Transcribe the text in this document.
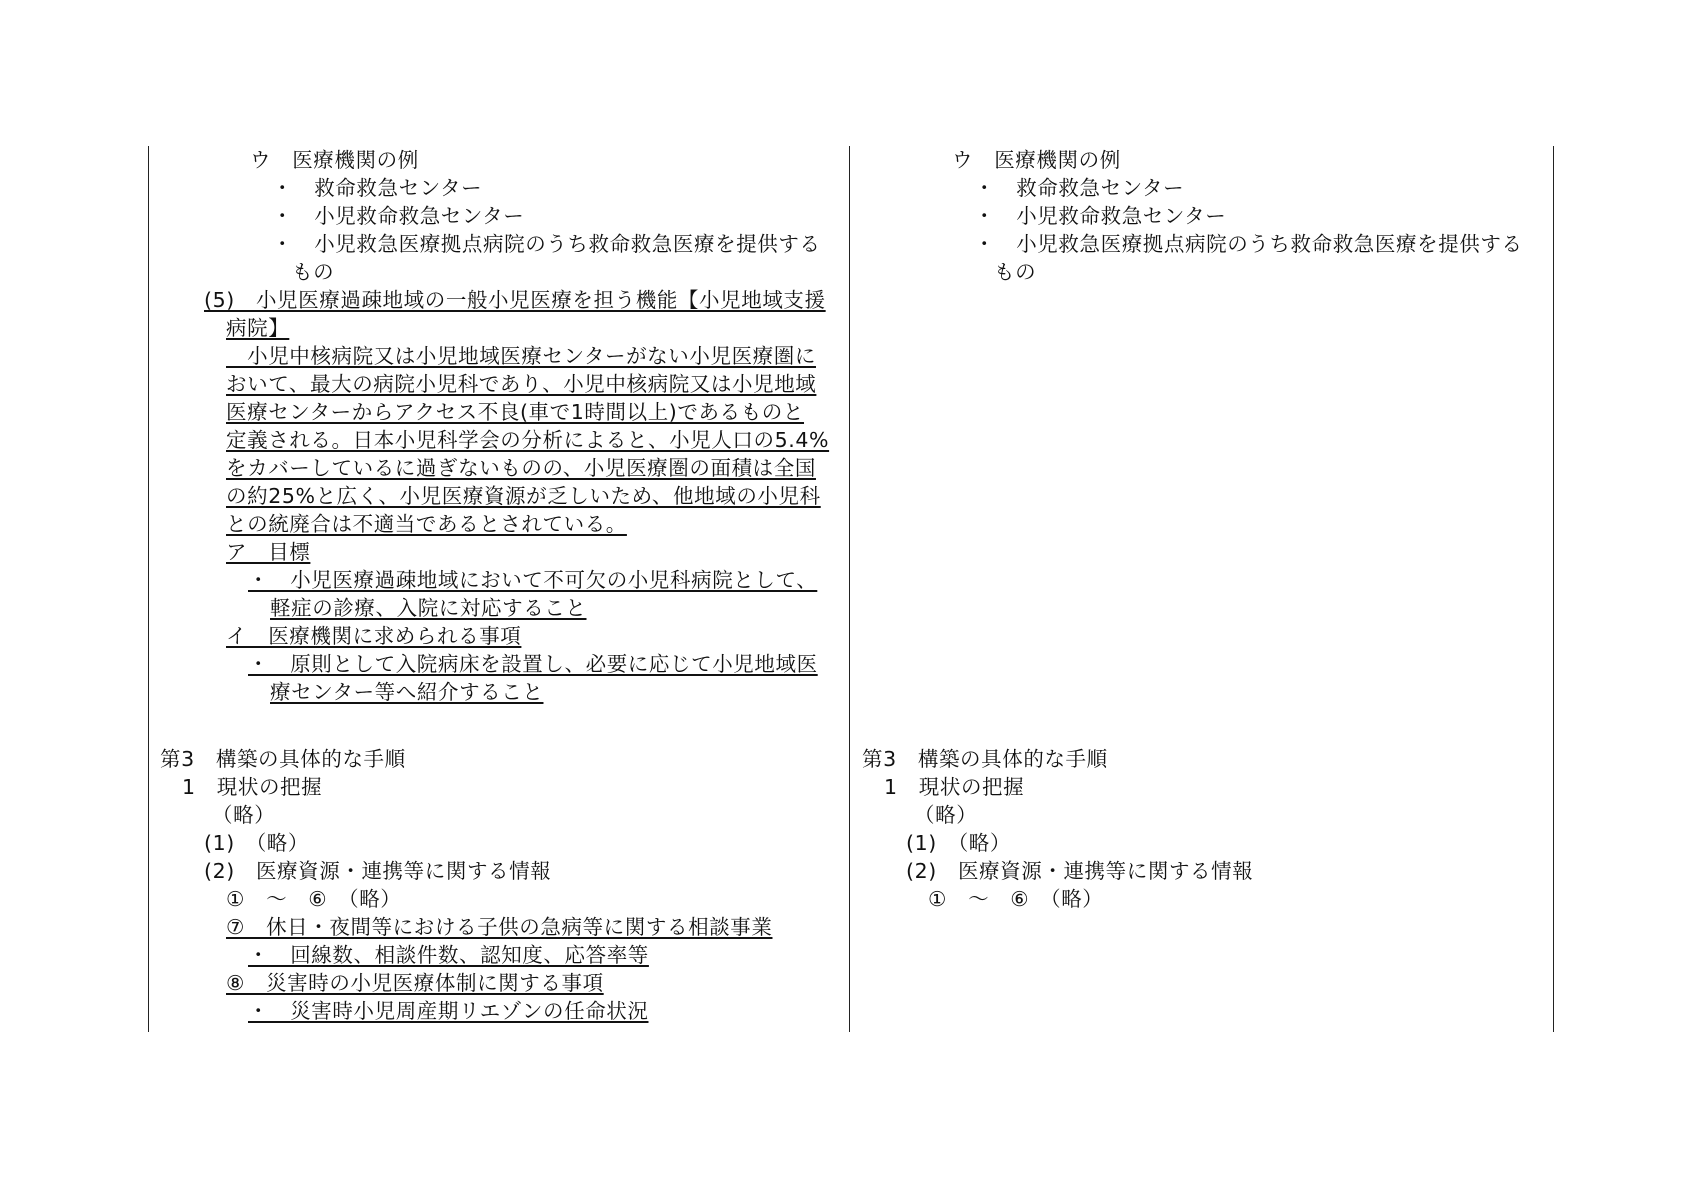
ウ　医療機関の例
・　救命救急センター
・　小児救命救急センター
・　小児救急医療拠点病院のうち救命救急医療を提供する
もの
(5)　小児医療過疎地域の一般小児医療を担う機能【小児地域支援
病院】
　小児中核病院又は小児地域医療センターがない小児医療圏に
おいて、最大の病院小児科であり、小児中核病院又は小児地域
医療センターからアクセス不良(車で1時間以上)であるものと
定義される。日本小児科学会の分析によると、小児人口の5.4%
をカバーしているに過ぎないものの、小児医療圏の面積は全国
の約25%と広く、小児医療資源が乏しいため、他地域の小児科
との統廃合は不適当であるとされている。
ア　目標
・　小児医療過疎地域において不可欠の小児科病院として、
軽症の診療、入院に対応すること
イ　医療機関に求められる事項
・　原則として入院病床を設置し、必要に応じて小児地域医
療センター等へ紹介すること
第3　構築の具体的な手順
1　現状の把握
（略）
(1)　（略）
(2)　医療資源・連携等に関する情報
①　～　⑥　（略）
⑦　休日・夜間等における子供の急病等に関する相談事業
・　回線数、相談件数、認知度、応答率等
⑧　災害時の小児医療体制に関する事項
・　災害時小児周産期リエゾンの任命状況
ウ　医療機関の例
・　救命救急センター
・　小児救命救急センター
・　小児救急医療拠点病院のうち救命救急医療を提供する
もの
第3　構築の具体的な手順
1　現状の把握
（略）
(1)　（略）
(2)　医療資源・連携等に関する情報
①　～　⑥　（略）
